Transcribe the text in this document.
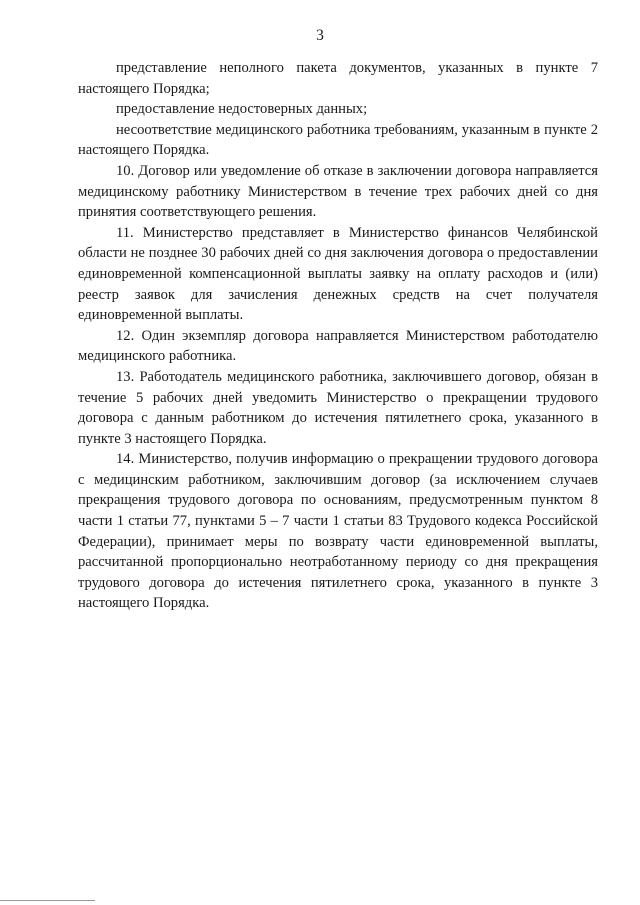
3

представление неполного пакета документов, указанных в пункте 7 настоящего Порядка;

предоставление недостоверных данных;

несоответствие медицинского работника требованиям, указанным в пункте 2 настоящего Порядка.

10. Договор или уведомление об отказе в заключении договора направляется медицинскому работнику Министерством в течение трех рабочих дней со дня принятия соответствующего решения.

11. Министерство представляет в Министерство финансов Челябинской области не позднее 30 рабочих дней со дня заключения договора о предоставлении единовременной компенсационной выплаты заявку на оплату расходов и (или) реестр заявок для зачисления денежных средств на счет получателя единовременной выплаты.

12. Один экземпляр договора направляется Министерством работодателю медицинского работника.

13. Работодатель медицинского работника, заключившего договор, обязан в течение 5 рабочих дней уведомить Министерство о прекращении трудового договора с данным работником до истечения пятилетнего срока, указанного в пункте 3 настоящего Порядка.

14. Министерство, получив информацию о прекращении трудового договора с медицинским работником, заключившим договор (за исключением случаев прекращения трудового договора по основаниям, предусмотренным пунктом 8 части 1 статьи 77, пунктами 5 – 7 части 1 статьи 83 Трудового кодекса Российской Федерации), принимает меры по возврату части единовременной выплаты, рассчитанной пропорционально неотработанному периоду со дня прекращения трудового договора до истечения пятилетнего срока, указанного в пункте 3 настоящего Порядка.
